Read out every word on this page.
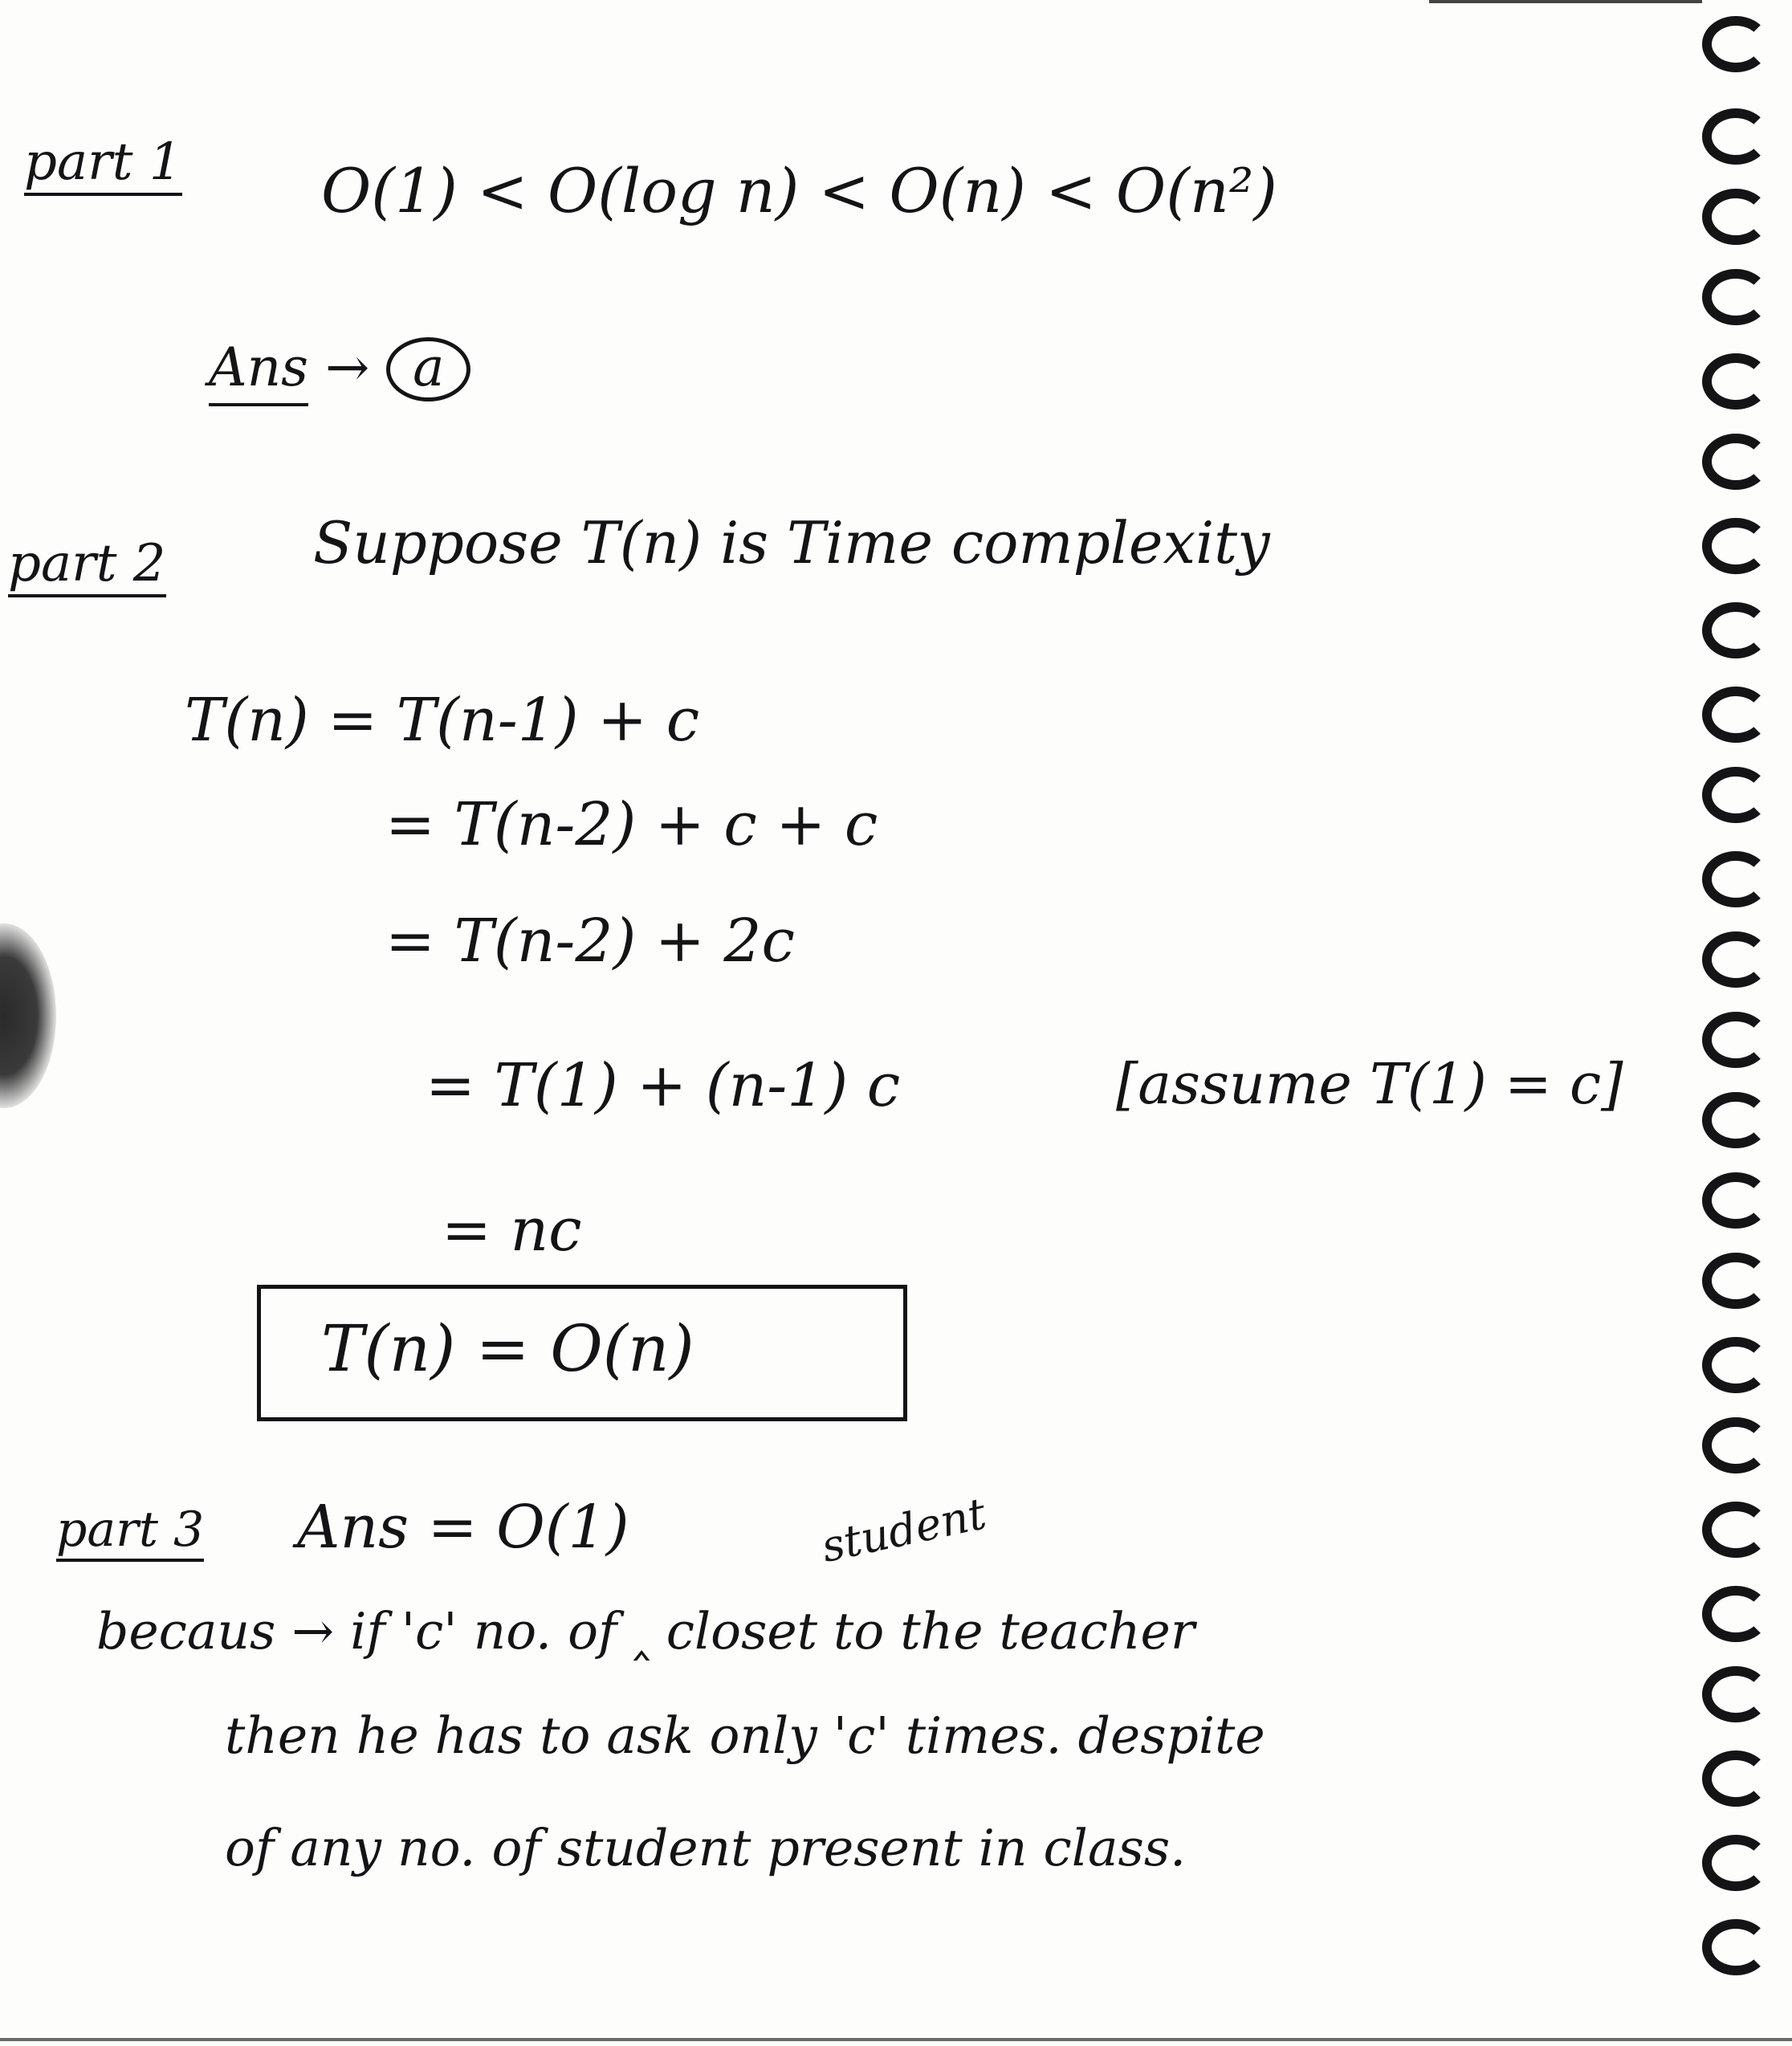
part 1 O(1) < O(log n) < O(n) < O(n²)
Ans → a
part 2	Suppose T(n) is Time complexity
T(n) = T(n-1) + c
= T(n-2) + c + c
= T(n-2) + 2c
= T(1) + (n-1) c	[assume T(1) = c]
= nc
T(n) = O(n)
part 3 Ans = O(1)	student
becaus → if 'c' no. of ‸ closet to the teacher
then he has to ask only 'c' times. despite
of any no. of student present in class.
